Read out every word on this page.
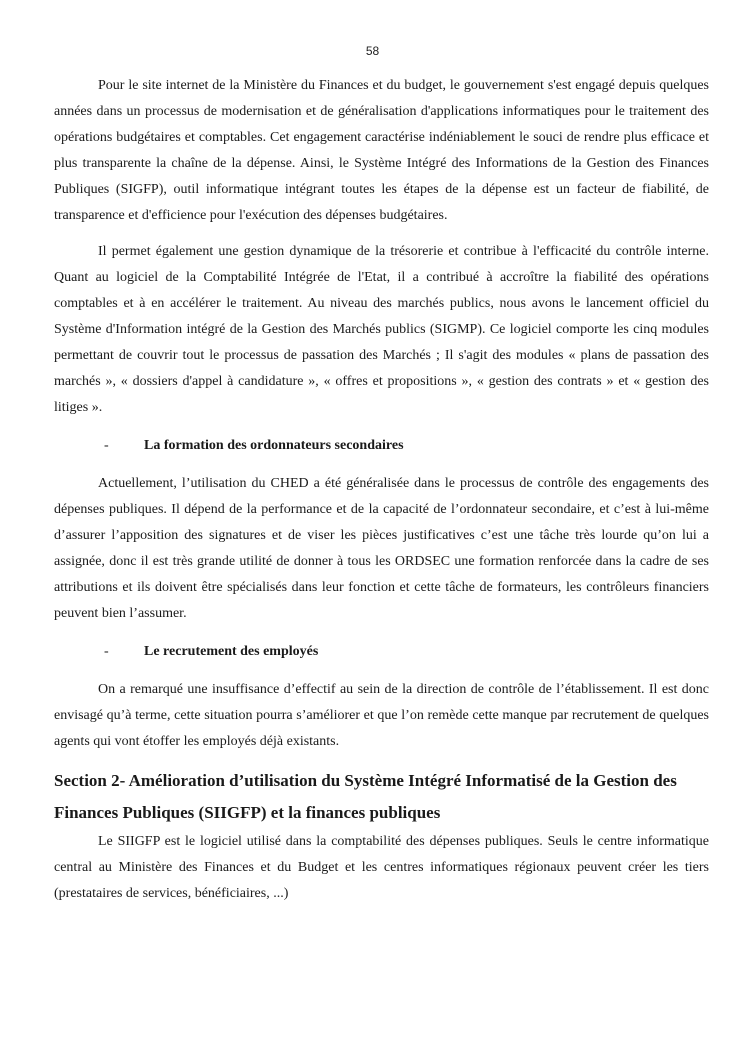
58

Pour le site internet de la Ministère du Finances et du budget, le gouvernement s'est engagé depuis quelques années dans un processus de modernisation et de généralisation d'applications informatiques pour le traitement des opérations budgétaires et comptables. Cet engagement caractérise indéniablement le souci de rendre plus efficace et plus transparente la chaîne de la dépense. Ainsi, le Système Intégré des Informations de la Gestion des Finances Publiques (SIGFP), outil informatique intégrant toutes les étapes de la dépense est un facteur de fiabilité, de transparence et d'efficience pour l'exécution des dépenses budgétaires.

Il permet également une gestion dynamique de la trésorerie et contribue à l'efficacité du contrôle interne. Quant au logiciel de la Comptabilité Intégrée de l'Etat, il a contribué à accroître la fiabilité des opérations comptables et à en accélérer le traitement. Au niveau des marchés publics, nous avons le lancement officiel du Système d'Information intégré de la Gestion des Marchés publics (SIGMP). Ce logiciel comporte les cinq modules permettant de couvrir tout le processus de passation des Marchés ; Il s'agit des modules « plans de passation des marchés », « dossiers d'appel à candidature », « offres et propositions », « gestion des contrats » et « gestion des litiges ».

-	La formation des ordonnateurs secondaires

Actuellement, l’utilisation du CHED a été généralisée dans le processus de contrôle des engagements des dépenses publiques. Il dépend de la performance et de la capacité de l’ordonnateur secondaire, et c’est à lui-même d’assurer l’apposition des signatures et de viser les pièces justificatives c’est une tâche très lourde qu’on lui a assignée, donc il est très grande utilité de donner à tous les ORDSEC une formation renforcée dans la cadre de ses attributions et ils doivent être spécialisés dans leur fonction et cette tâche de formateurs, les contrôleurs financiers peuvent bien l’assumer.

-	Le recrutement des employés

On a remarqué une insuffisance d’effectif au sein de la direction de contrôle de l’établissement. Il est donc envisagé qu’à terme, cette situation pourra s’améliorer et que l’on remède cette manque par recrutement de quelques agents qui vont étoffer les employés déjà existants.

Section 2- Amélioration d’utilisation du Système Intégré Informatisé de la Gestion des Finances Publiques (SIIGFP) et la finances publiques

Le SIIGFP est le logiciel utilisé dans la comptabilité des dépenses publiques. Seuls le centre informatique central au Ministère des Finances et du Budget et les centres informatiques régionaux peuvent créer les tiers (prestataires de services, bénéficiaires, ...)
